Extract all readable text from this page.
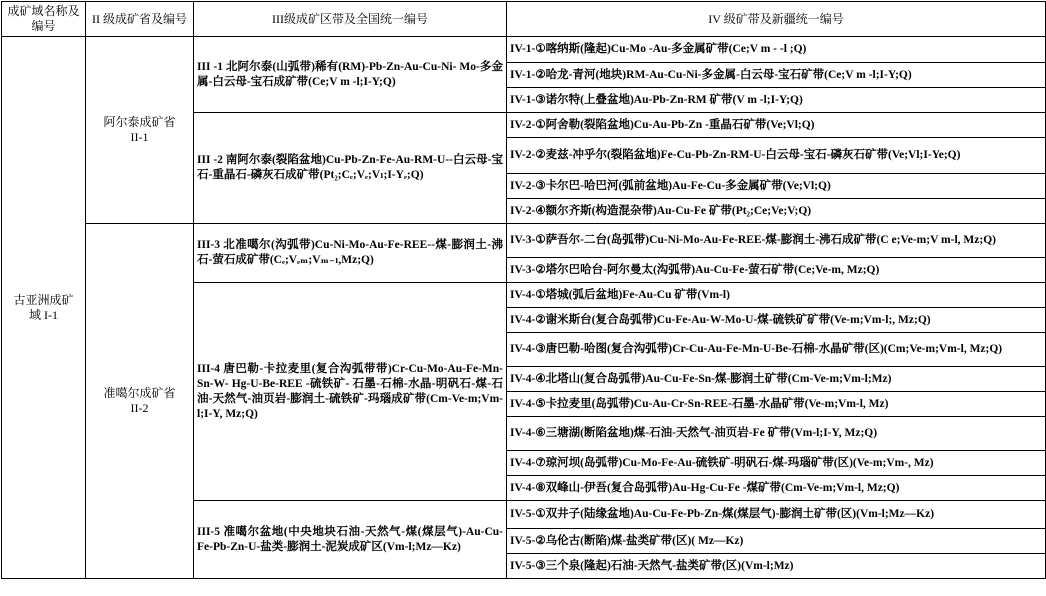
成矿域名称及编号	II 级成矿省及编号	III级成矿区带及全国统一编号	IV 级矿带及新疆统一编号
古亚洲成矿域 I-1	阿尔泰成矿省 II-1	III -1 北阿尔泰(山弧带)稀有(RM)-Pb-Zn-Au-Cu-Ni- Mo-多金属-白云母-宝石成矿带(Ce;V m -l;I-Y;Q)	IV-1-①喀纳斯(隆起)Cu-Mo -Au-多金属矿带(Ce;V m - -l ;Q)
			IV-1-②哈龙-青河(地块)RM-Au-Cu-Ni-多金属-白云母-宝石矿带(Ce;V m -l;I-Y;Q)
			IV-1-③诺尔特(上叠盆地)Au-Pb-Zn-RM 矿带(V m -l;I-Y;Q)
		III -2 南阿尔泰(裂陷盆地)Cu-Pb-Zn-Fe-Au-RM-U--白云母-宝石-重晶石-磷灰石成矿带(Pt₂;Cₑ;Vₑ;Vₗ;I-Yₑ;Q)	IV-2-①阿舍勒(裂陷盆地)Cu-Au-Pb-Zn -重晶石矿带(Ve;Vl;Q)
			IV-2-②麦兹-冲乎尔(裂陷盆地)Fe-Cu-Pb-Zn-RM-U-白云母-宝石-磷灰石矿带(Ve;Vl;I-Ye;Q)
			IV-2-③卡尔巴-哈巴河(弧前盆地)Au-Fe-Cu-多金属矿带(Ve;Vl;Q)
			IV-2-④额尔齐斯(构造混杂带)Au-Cu-Fe 矿带(Pt₂;Ce;Ve;V;Q)
	准噶尔成矿省 II-2	III-3 北准噶尔(沟弧带)Cu-Ni-Mo-Au-Fe-REE--煤-膨润土-沸石-萤石成矿带(Cₑ;Vₑₘ;Vₘ₋ₗ,Mz;Q)	IV-3-①萨吾尔-二台(岛弧带)Cu-Ni-Mo-Au-Fe-REE-煤-膨润土-沸石成矿带(C e;Ve-m;V m-l, Mz;Q)
			IV-3-②塔尔巴哈台-阿尔曼太(沟弧带)Au-Cu-Fe-萤石矿带(Ce;Ve-m, Mz;Q)
		III-4 唐巴勒-卡拉麦里(复合沟弧带带)Cr-Cu-Mo-Au-Fe-Mn-Sn-W- Hg-U-Be-REE -硫铁矿- 石墨-石棉-水晶-明矾石-煤-石油-天然气-油页岩-膨润土-硫铁矿-玛瑙成矿带(Cm-Ve-m;Vm-l;I-Y, Mz;Q)	IV-4-①塔城(弧后盆地)Fe-Au-Cu 矿带(Vm-l)
			IV-4-②谢米斯台(复合岛弧带)Cu-Fe-Au-W-Mo-U-煤-硫铁矿矿带(Ve-m;Vm-l;, Mz;Q)
			IV-4-③唐巴勒-哈图(复合沟弧带)Cr-Cu-Au-Fe-Mn-U-Be-石棉-水晶矿带(区)(Cm;Ve-m;Vm-l, Mz;Q)
			IV-4-④北塔山(复合岛弧带)Au-Cu-Fe-Sn-煤-膨润土矿带(Cm-Ve-m;Vm-l;Mz)
			IV-4-⑤卡拉麦里(岛弧带)Cu-Au-Cr-Sn-REE-石墨-水晶矿带(Ve-m;Vm-l, Mz)
			IV-4-⑥三塘湖(断陷盆地)煤-石油-天然气-油页岩-Fe 矿带(Vm-l;I-Y, Mz;Q)
			IV-4-⑦琼河坝(岛弧带)Cu-Mo-Fe-Au-硫铁矿-明矾石-煤-玛瑙矿带(区)(Ve-m;Vm-, Mz)
			IV-4-⑧双峰山-伊吾(复合岛弧带)Au-Hg-Cu-Fe -煤矿带(Cm-Ve-m;Vm-l, Mz;Q)
		III-5 准噶尔盆地(中央地块石油-天然气-煤(煤层气)-Au-Cu-Fe-Pb-Zn-U-盐类-膨润土-泥炭成矿区(Vm-l;Mz—Kz)	IV-5-①双井子(陆缘盆地)Au-Cu-Fe-Pb-Zn-煤(煤层气)-膨润土矿带(区)(Vm-l;Mz—Kz)
			IV-5-②乌伦古(断陷)煤-盐类矿带(区)( Mz—Kz)
			IV-5-③三个泉(隆起)石油-天然气-盐类矿带(区)(Vm-l;Mz)
